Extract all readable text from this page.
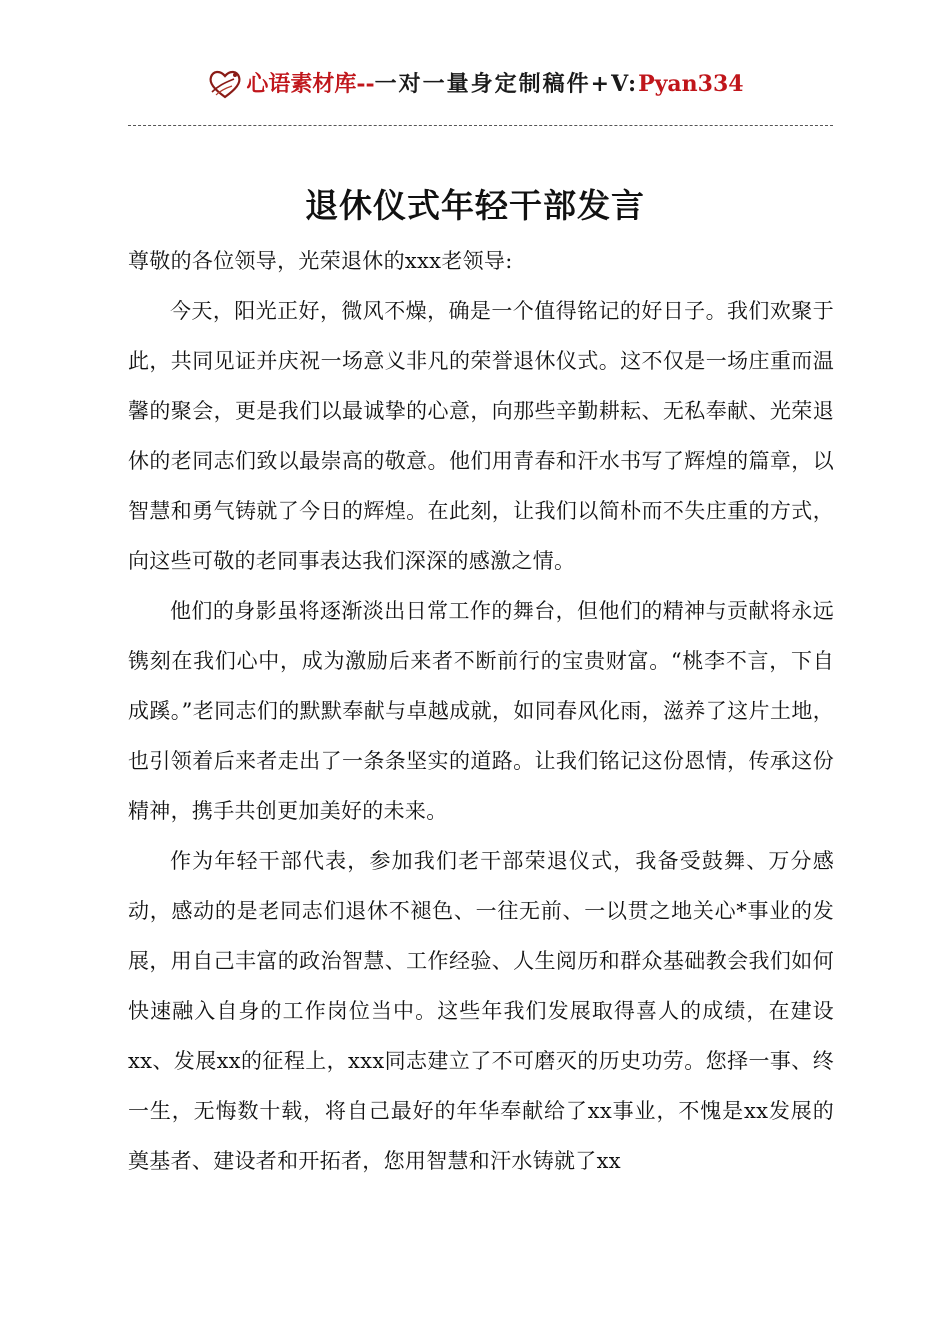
心语素材库--一对一量身定制稿件+V:Pyan334
退休仪式年轻干部发言

尊敬的各位领导，光荣退休的xxx老领导:

今天，阳光正好，微风不燥，确是一个值得铭记的好日子。我们欢聚于此，共同见证并庆祝一场意义非凡的荣誉退休仪式。这不仅是一场庄重而温馨的聚会，更是我们以最诚挚的心意，向那些辛勤耕耘、无私奉献、光荣退休的老同志们致以最崇高的敬意。他们用青春和汗水书写了辉煌的篇章，以智慧和勇气铸就了今日的辉煌。在此刻，让我们以简朴而不失庄重的方式，向这些可敬的老同事表达我们深深的感激之情。

他们的身影虽将逐渐淡出日常工作的舞台，但他们的精神与贡献将永远镌刻在我们心中，成为激励后来者不断前行的宝贵财富。“桃李不言，下自成蹊。”老同志们的默默奉献与卓越成就，如同春风化雨，滋养了这片土地，也引领着后来者走出了一条条坚实的道路。让我们铭记这份恩情，传承这份精神，携手共创更加美好的未来。

作为年轻干部代表，参加我们老干部荣退仪式，我备受鼓舞、万分感动，感动的是老同志们退休不褪色、一往无前、一以贯之地关心*事业的发展，用自己丰富的政治智慧、工作经验、人生阅历和群众基础教会我们如何快速融入自身的工作岗位当中。这些年我们发展取得喜人的成绩，在建设xx、发展xx的征程上，xxx同志建立了不可磨灭的历史功劳。您择一事、终一生，无悔数十载，将自己最好的年华奉献给了xx事业，不愧是xx发展的奠基者、建设者和开拓者，您用智慧和汗水铸就了xx
